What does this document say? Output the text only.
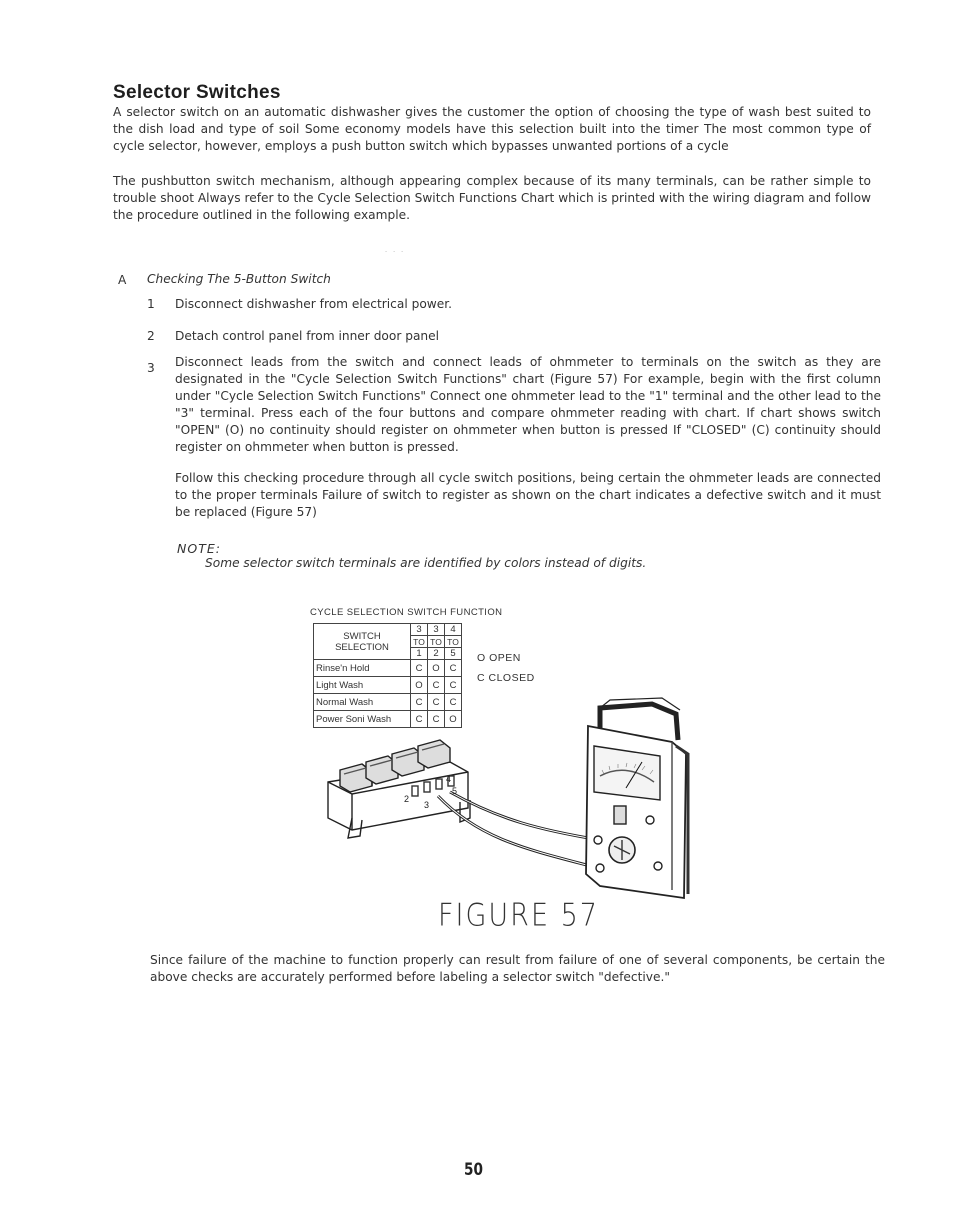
Selector Switches

A selector switch on an automatic dishwasher gives the customer the option of choosing the type of wash best suited to the dish load and type of soil Some economy models have this selection built into the timer The most common type of cycle selector, however, employs a push button switch which bypasses unwanted portions of a cycle

The pushbutton switch mechanism, although appearing complex because of its many terminals, can be rather simple to trouble shoot Always refer to the Cycle Selection Switch Functions Chart which is printed with the wiring diagram and follow the procedure outlined in the following example.

- - -
A Checking The 5-Button Switch
1 Disconnect dishwasher from electrical power.

2 Detach control panel from inner door panel

3 Disconnect leads from the switch and connect leads of ohmmeter to terminals on the switch as they are designated in the "Cycle Selection Switch Functions" chart (Figure 57) For example, begin with the first column under "Cycle Selection Switch Functions" Connect one ohmmeter lead to the "1" terminal and the other lead to the "3" terminal. Press each of the four buttons and compare ohmmeter reading with chart. If chart shows switch "OPEN" (O) no continuity should register on ohmmeter when button is pressed If "CLOSED" (C) continuity should register on ohmmeter when button is pressed.

Follow this checking procedure through all cycle switch positions, being certain the ohmmeter leads are connected to the proper terminals Failure of switch to register as shown on the chart indicates a defective switch and it must be replaced (Figure 57)

NOTE:
Some selector switch terminals are identified by colors instead of digits.
CYCLE SELECTION SWITCH FUNCTION
SWITCH
SELECTION	3	3	4
	TO	TO	TO
	1	2	5
Rinse'n Hold	C	O	C
Light Wash	O	C	C
Normal Wash	C	C	C
Power Soni Wash	C	C	O
O OPEN
C CLOSED
2
3
4
5
FIGURE 57

Since failure of the machine to function properly can result from failure of one of several components, be certain the above checks are accurately performed before labeling a selector switch "defective."

50
